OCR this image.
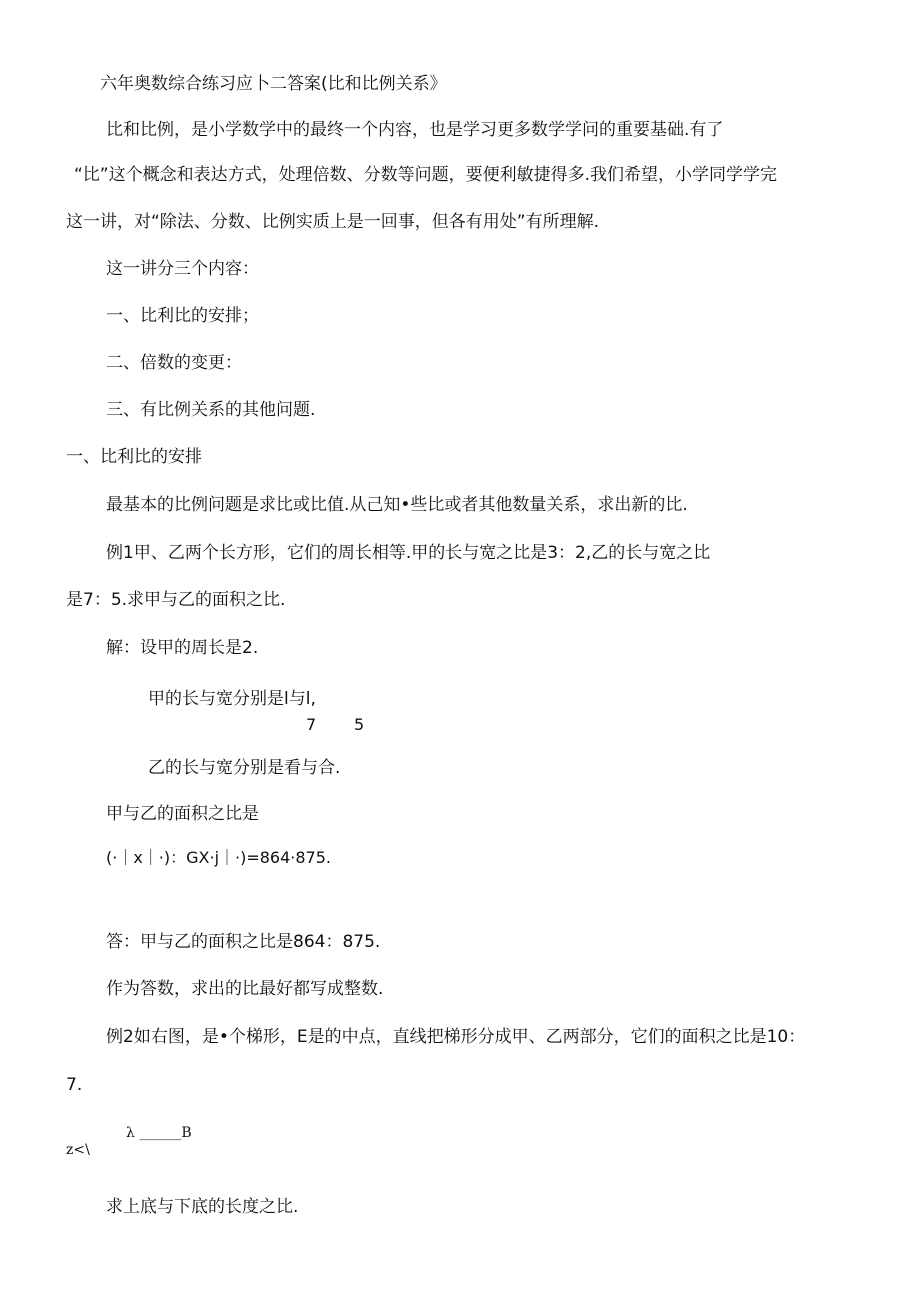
六年奥数综合练习应卜二答案(比和比例关系》
比和比例，是小学数学中的最终一个内容，也是学习更多数学学问的重要基础.有了
“比”这个概念和表达方式，处理倍数、分数等问题，要便利敏捷得多.我们希望，小学同学学完
这一讲，对“除法、分数、比例实质上是一回事，但各有用处”有所理解.
这一讲分三个内容：
一、比利比的安排；
二、倍数的变更：
三、有比例关系的其他问题.
一、比利比的安排
最基本的比例问题是求比或比值.从己知•些比或者其他数量关系，求出新的比.
例1甲、乙两个长方形，它们的周长相等.甲的长与宽之比是3：2,乙的长与宽之比
是7：5.求甲与乙的面积之比.
解：设甲的周长是2.
甲的长与宽分别是l与l,
7 5
乙的长与宽分别是看与合.
甲与乙的面积之比是
(·｜x｜·)：GX·j｜·)=864·875.
答：甲与乙的面积之比是864：875.
作为答数，求出的比最好都写成整数.
例2如右图，是•个梯形，E是的中点，直线把梯形分成甲、乙两部分，它们的面积之比是10：
7.
λ ______B
z<\
求上底与下底的长度之比.
